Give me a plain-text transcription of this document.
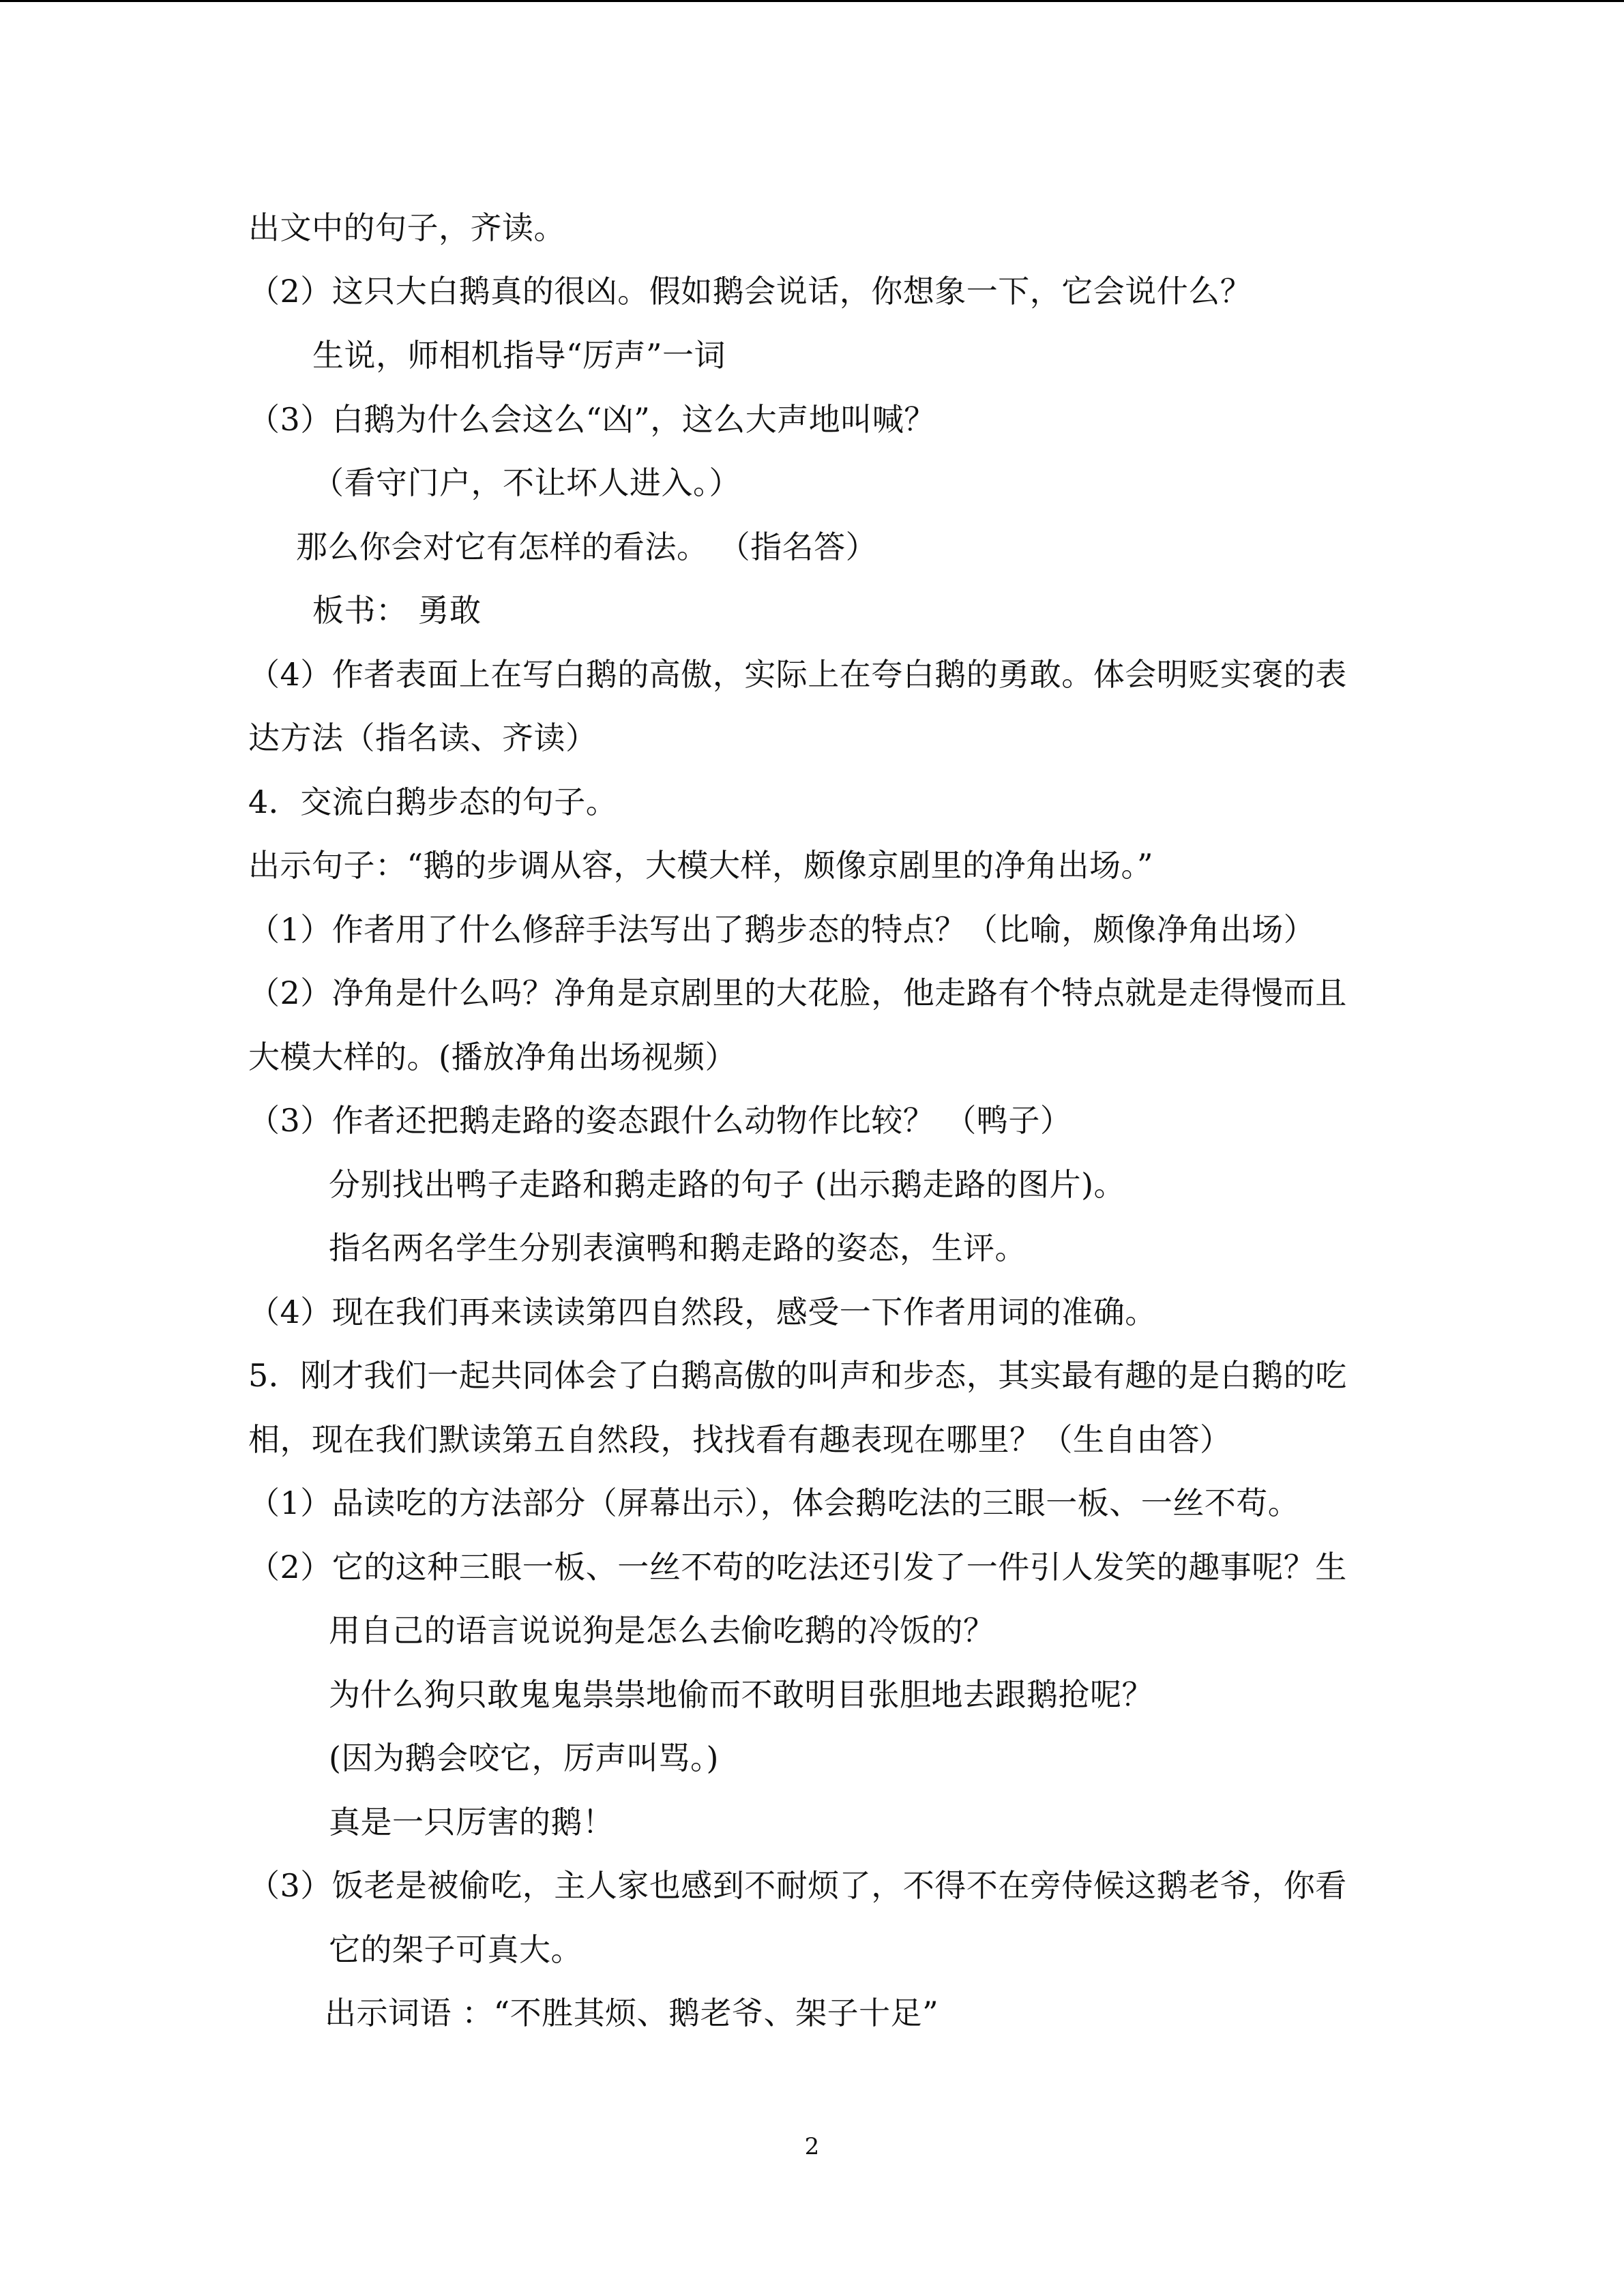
出文中的句子，齐读。
（2）这只大白鹅真的很凶。假如鹅会说话，你想象一下，它会说什么？
生说，师相机指导“厉声”一词
（3）白鹅为什么会这么“凶”，这么大声地叫喊？
（看守门户，不让坏人进入。）
那么你会对它有怎样的看法。 （指名答）
板书： 勇敢
（4）作者表面上在写白鹅的高傲，实际上在夸白鹅的勇敢。体会明贬实褒的表
达方法（指名读、齐读）
4．交流白鹅步态的句子。
出示句子：“鹅的步调从容，大模大样，颇像京剧里的净角出场。”
（1）作者用了什么修辞手法写出了鹅步态的特点？（比喻，颇像净角出场）
（2）净角是什么吗？净角是京剧里的大花脸，他走路有个特点就是走得慢而且
大模大样的。(播放净角出场视频）
（3）作者还把鹅走路的姿态跟什么动物作比较？ （鸭子）
分别找出鸭子走路和鹅走路的句子 (出示鹅走路的图片)。
指名两名学生分别表演鸭和鹅走路的姿态，生评。
（4）现在我们再来读读第四自然段，感受一下作者用词的准确。
5．刚才我们一起共同体会了白鹅高傲的叫声和步态，其实最有趣的是白鹅的吃
相，现在我们默读第五自然段，找找看有趣表现在哪里？（生自由答）
（1）品读吃的方法部分（屏幕出示），体会鹅吃法的三眼一板、一丝不苟。
（2）它的这种三眼一板、一丝不苟的吃法还引发了一件引人发笑的趣事呢？生
用自己的语言说说狗是怎么去偷吃鹅的冷饭的？
为什么狗只敢鬼鬼祟祟地偷而不敢明目张胆地去跟鹅抢呢？
(因为鹅会咬它，厉声叫骂。)
真是一只厉害的鹅！
（3）饭老是被偷吃，主人家也感到不耐烦了，不得不在旁侍候这鹅老爷，你看
它的架子可真大。
出示词语 ：“不胜其烦、鹅老爷、架子十足”
2
